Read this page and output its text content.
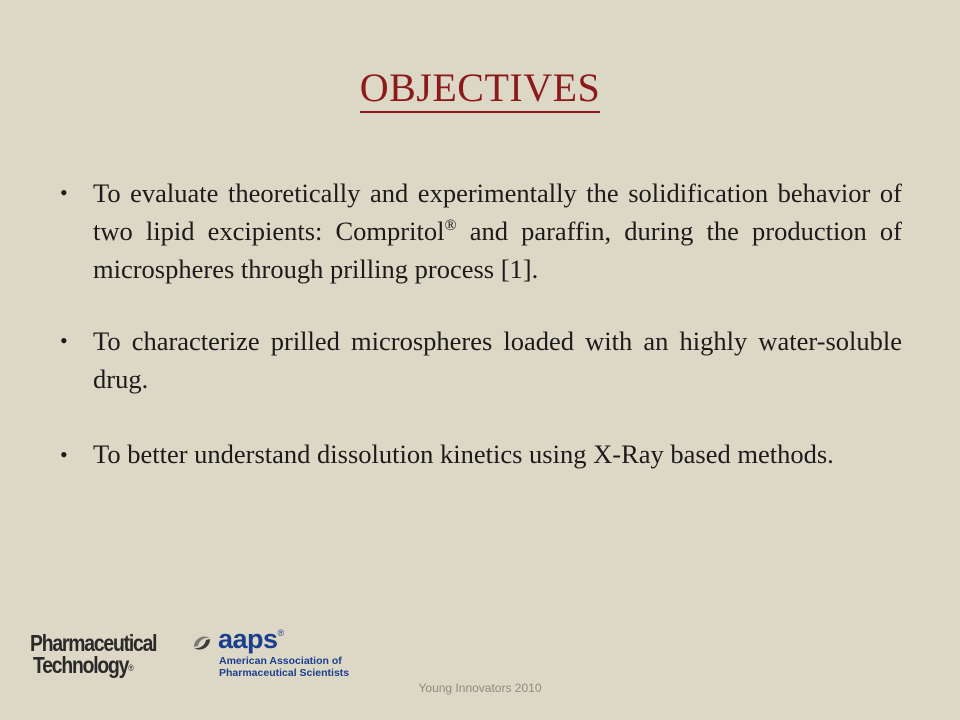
OBJECTIVES
• To evaluate theoretically and experimentally the solidification behavior of two lipid excipients: Compritol® and paraffin, during the production of microspheres through prilling process [1].
• To characterize prilled microspheres loaded with an highly water-soluble drug.
• To better understand dissolution kinetics using X-Ray based methods.
Pharmaceutical
Technology®
aaps®
American Association of
Pharmaceutical Scientists
Young Innovators 2010
